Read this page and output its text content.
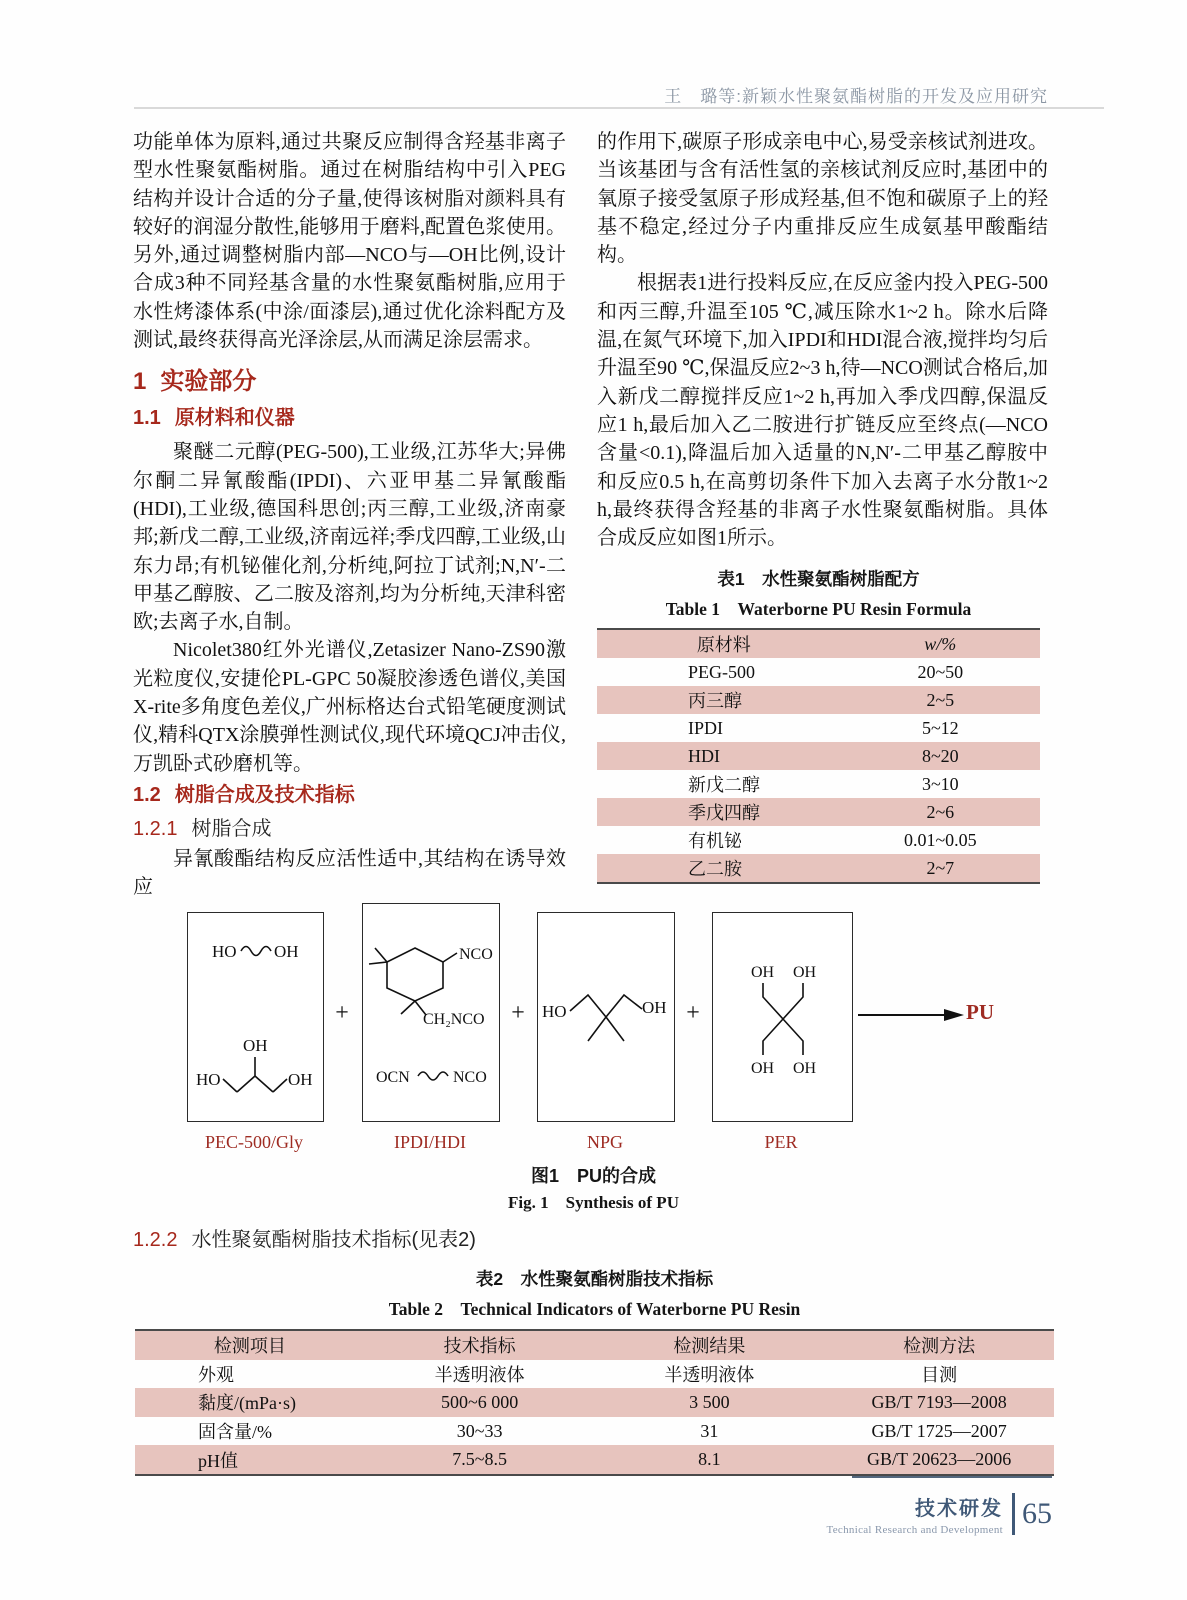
王　璐等:新颖水性聚氨酯树脂的开发及应用研究

功能单体为原料,通过共聚反应制得含羟基非离子型水性聚氨酯树脂。通过在树脂结构中引入PEG结构并设计合适的分子量,使得该树脂对颜料具有较好的润湿分散性,能够用于磨料,配置色浆使用。另外,通过调整树脂内部—NCO与—OH比例,设计合成3种不同羟基含量的水性聚氨酯树脂,应用于水性烤漆体系(中涂/面漆层),通过优化涂料配方及测试,最终获得高光泽涂层,从而满足涂层需求。

1 实验部分
1.1 原材料和仪器

聚醚二元醇(PEG-500),工业级,江苏华大;异佛尔酮二异氰酸酯(IPDI)、六亚甲基二异氰酸酯(HDI),工业级,德国科思创;丙三醇,工业级,济南豪邦;新戊二醇,工业级,济南远祥;季戊四醇,工业级,山东力昂;有机铋催化剂,分析纯,阿拉丁试剂;N,N′-二甲基乙醇胺、乙二胺及溶剂,均为分析纯,天津科密欧;去离子水,自制。

Nicolet380红外光谱仪,Zetasizer Nano-ZS90激光粒度仪,安捷伦PL-GPC 50凝胶渗透色谱仪,美国X-rite多角度色差仪,广州标格达台式铅笔硬度测试仪,精科QTX涂膜弹性测试仪,现代环境QCJ冲击仪,万凯卧式砂磨机等。

1.2 树脂合成及技术指标
1.2.1 树脂合成

异氰酸酯结构反应活性适中,其结构在诱导效应

的作用下,碳原子形成亲电中心,易受亲核试剂进攻。当该基团与含有活性氢的亲核试剂反应时,基团中的氧原子接受氢原子形成羟基,但不饱和碳原子上的羟基不稳定,经过分子内重排反应生成氨基甲酸酯结构。

根据表1进行投料反应,在反应釜内投入PEG-500和丙三醇,升温至105 ℃,减压除水1~2 h。除水后降温,在氮气环境下,加入IPDI和HDI混合液,搅拌均匀后升温至90 ℃,保温反应2~3 h,待—NCO测试合格后,加入新戊二醇搅拌反应1~2 h,再加入季戊四醇,保温反应1 h,最后加入乙二胺进行扩链反应至终点(—NCO含量<0.1),降温后加入适量的N,N′-二甲基乙醇胺中和反应0.5 h,在高剪切条件下加入去离子水分散1~2 h,最终获得含羟基的非离子水性聚氨酯树脂。具体合成反应如图1所示。

表1　水性聚氨酯树脂配方
Table 1　Waterborne PU Resin Formula
原材料	w/%
PEG-500	20~50
丙三醇	2~5
IPDI	5~12
HDI	8~20
新戊二醇	3~10
季戊四醇	2~6
有机铋	0.01~0.05
乙二胺	2~7
HO OH
OH
HO	OH
+
NCO
CH₂NCO
OCN	NCO
+ HO	OH +
OH OH
OH OH
PU
PEC-500/Gly	IPDI/HDI	NPG	PER
图1　PU的合成
Fig. 1　Synthesis of PU
1.2.2 水性聚氨酯树脂技术指标(见表2)
表2　水性聚氨酯树脂技术指标
Table 2　Technical Indicators of Waterborne PU Resin
检测项目	技术指标	检测结果	检测方法
外观	半透明液体	半透明液体	目测
黏度/(mPa·s)	500~6 000	3 500	GB/T 7193—2008
固含量/%	30~33	31	GB/T 1725—2007
pH值	7.5~8.5	8.1	GB/T 20623—2006
技术研发
Technical Research and Development 65
